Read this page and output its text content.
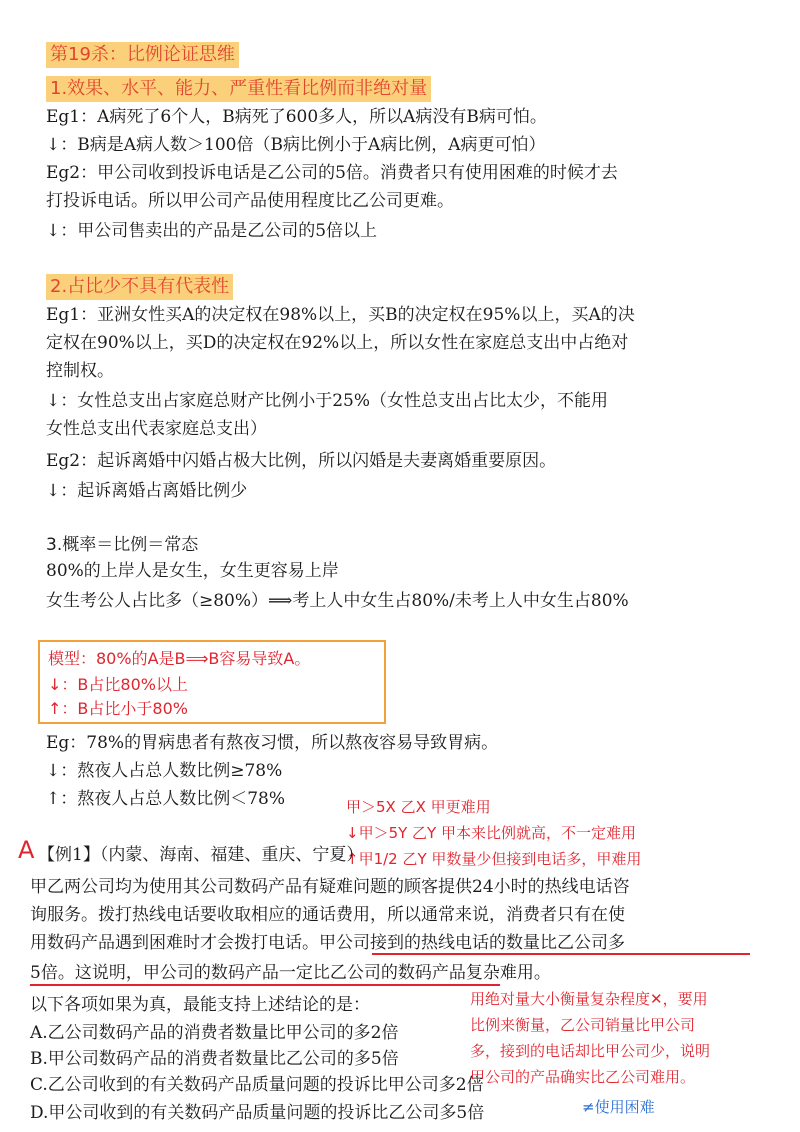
第19杀：比例论证思维
1.效果、水平、能力、严重性看比例而非绝对量
Eg1：A病死了6个人，B病死了600多人，所以A病没有B病可怕。
↓：B病是A病人数＞100倍（B病比例小于A病比例，A病更可怕）
Eg2：甲公司收到投诉电话是乙公司的5倍。消费者只有使用困难的时候才去
打投诉电话。所以甲公司产品使用程度比乙公司更难。
↓：甲公司售卖出的产品是乙公司的5倍以上
2.占比少不具有代表性
Eg1：亚洲女性买A的决定权在98%以上，买B的决定权在95%以上，买A的决
定权在90%以上，买D的决定权在92%以上，所以女性在家庭总支出中占绝对
控制权。
↓：女性总支出占家庭总财产比例小于25%（女性总支出占比太少，不能用
女性总支出代表家庭总支出）
Eg2：起诉离婚中闪婚占极大比例，所以闪婚是夫妻离婚重要原因。
↓：起诉离婚占离婚比例少
3.概率＝比例＝常态
80%的上岸人是女生，女生更容易上岸
女生考公人占比多（≥80%）⟹考上人中女生占80%/未考上人中女生占80%
模型：80%的A是B⟹B容易导致A。
↓：B占比80%以上
↑：B占比小于80%
Eg：78%的胃病患者有熬夜习惯，所以熬夜容易导致胃病。
↓：熬夜人占总人数比例≥78%
↑：熬夜人占总人数比例＜78%	甲＞5X 乙X 甲更难用
↓甲＞5Y 乙Y 甲本来比例就高，不一定难用
↑甲1/2 乙Y 甲数量少但接到电话多，甲难用
A 【例1】（内蒙、海南、福建、重庆、宁夏）
甲乙两公司均为使用其公司数码产品有疑难问题的顾客提供24小时的热线电话咨
询服务。拨打热线电话要收取相应的通话费用，所以通常来说，消费者只有在使
用数码产品遇到困难时才会拨打电话。甲公司接到的热线电话的数量比乙公司多
5倍。这说明，甲公司的数码产品一定比乙公司的数码产品复杂难用。
以下各项如果为真，最能支持上述结论的是：
A.乙公司数码产品的消费者数量比甲公司的多2倍
B.甲公司数码产品的消费者数量比乙公司的多5倍
C.乙公司收到的有关数码产品质量问题的投诉比甲公司多2倍
D.甲公司收到的有关数码产品质量问题的投诉比乙公司多5倍
用绝对量大小衡量复杂程度✕，要用
比例来衡量，乙公司销量比甲公司
多，接到的电话却比甲公司少，说明
甲公司的产品确实比乙公司难用。
≠使用困难
